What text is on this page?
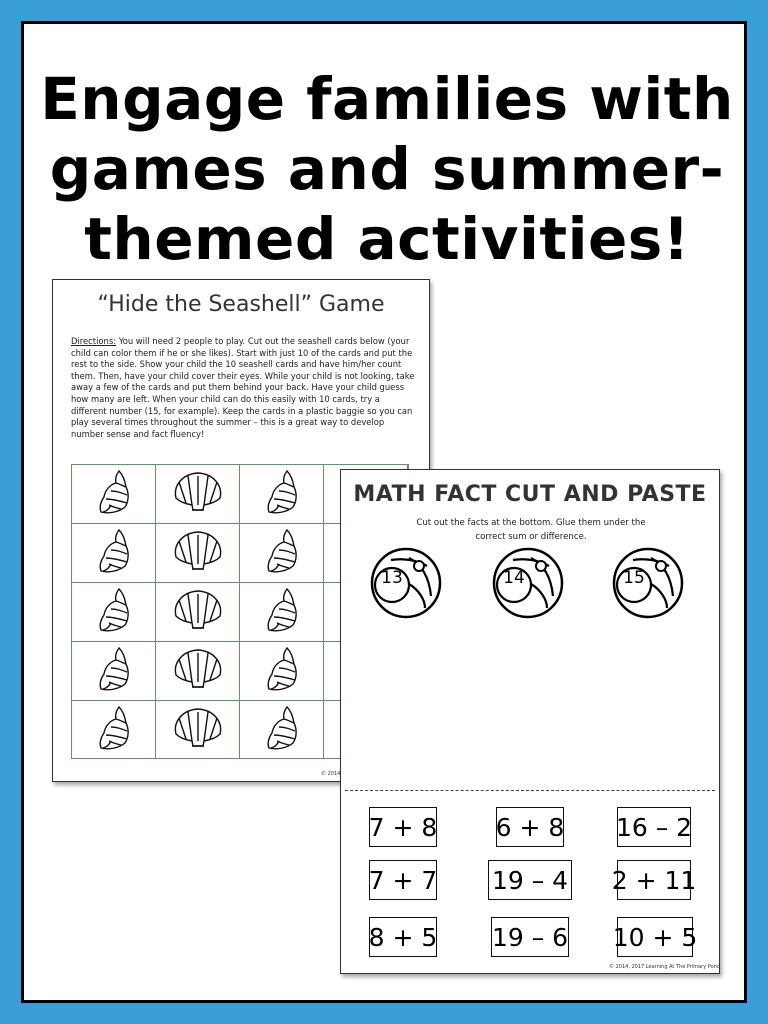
Engage families with
games and summer-
themed activities!
“Hide the Seashell” Game
Directions: You will need 2 people to play. Cut out the seashell cards below (your child can color them if he or she likes). Start with just 10 of the cards and put the rest to the side. Show your child the 10 seashell cards and have him/her count them. Then, have your child cover their eyes. While your child is not looking, take away a few of the cards and put them behind your back. Have your child guess how many are left. When your child can do this easily with 10 cards, try a different number (15, for example). Keep the cards in a plastic baggie so you can play several times throughout the summer – this is a great way to develop number sense and fact fluency!
© 2014
MATH FACT CUT AND PASTE
Cut out the facts at the bottom. Glue them under the
correct sum or difference.
13	14	15
7 + 8 6 + 8 16 – 2
7 + 7 19 – 4 2 + 11
8 + 5 19 – 6 10 + 5
© 2014, 2017 Learning At The Primary Pond
